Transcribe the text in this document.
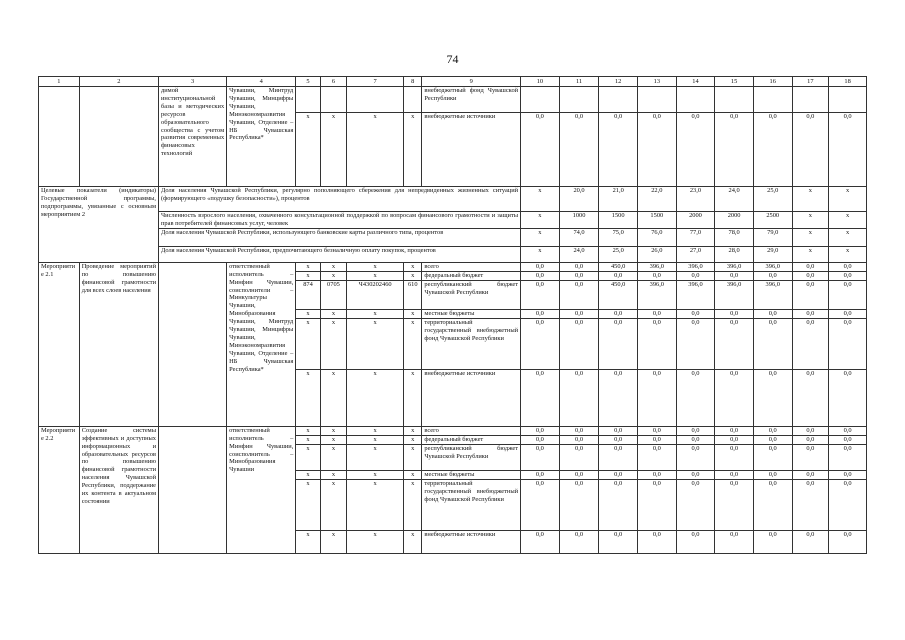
74
1	2	3	4	5	6	7	8	9	10	11	12	13	14	15	16	17	18
		димой институциональной базы и методических ресурсов образовательного сообщества с учетом развития современных финансовых технологий	Чувашии, Минтруд Чувашии, Минцифры Чувашии, Минэкономразвития Чувашии, Отделение – НБ Чувашская Республика*					внебюджетный фонд Чувашской Республики									
				x	x	x	x	внебюджетные источники	0,0	0,0	0,0	0,0	0,0	0,0	0,0	0,0	0,0
Целевые показатели (индикаторы) Государственной программы, подпрограммы, увязанные с основным мероприятием 2		Доля населения Чувашской Республики, регулярно пополняющего сбережения для непредвиденных жизненных ситуаций (формирующего «подушку безопасности»), процентов							x	20,0	21,0	22,0	23,0	24,0	25,0	x	x
		Численность взрослого населения, охваченного консультационной поддержкой по вопросам финансового грамотности и защиты прав потребителей финансовых услуг, человек							x	1000	1500	1500	2000	2000	2500	x	x
		Доля населения Чувашской Республики, использующего банковские карты различного типа, процентов							x	74,0	75,0	76,0	77,0	78,0	79,0	x	x
		Доля населения Чувашской Республики, предпочитающего безналичную оплату покупок, процентов							x	24,0	25,0	26,0	27,0	28,0	29,0	x	x
Мероприятие 2.1	Проведение мероприятий по повышению финансовой грамотности для всех слоев населения		ответственный исполнитель – Минфин Чувашии, соисполнители – Минкультуры Чувашии, Минобразования Чувашии, Минтруд Чувашии, Минцифры Чувашии, Минэкономразвития Чувашии, Отделение – НБ Чувашская Республика*	x	x	x	x	всего	0,0	0,0	450,0	396,0	396,0	396,0	396,0	0,0	0,0
				x	x	x	x	федеральный бюджет	0,0	0,0	0,0	0,0	0,0	0,0	0,0	0,0	0,0
				874	0705	Ч430202460	610	республиканский бюджет Чувашской Республики	0,0	0,0	450,0	396,0	396,0	396,0	396,0	0,0	0,0
				x	x	x	x	местные бюджеты	0,0	0,0	0,0	0,0	0,0	0,0	0,0	0,0	0,0
				x	x	x	x	территориальный государственный внебюджетный фонд Чувашской Республики	0,0	0,0	0,0	0,0	0,0	0,0	0,0	0,0	0,0
				x	x	x	x	внебюджетные источники	0,0	0,0	0,0	0,0	0,0	0,0	0,0	0,0	0,0
Мероприятие 2.2	Создание системы эффективных и доступных информационных и образовательных ресурсов по повышению финансовой грамотности населения Чувашской Республики, поддержание их контента в актуальном состоянии		ответственный исполнитель – Минфин Чувашии, соисполнитель – Минобразования Чувашии	x	x	x	x	всего	0,0	0,0	0,0	0,0	0,0	0,0	0,0	0,0	0,0
				x	x	x	x	федеральный бюджет	0,0	0,0	0,0	0,0	0,0	0,0	0,0	0,0	0,0
				x	x	x	x	республиканский бюджет Чувашской Республики	0,0	0,0	0,0	0,0	0,0	0,0	0,0	0,0	0,0
				x	x	x	x	местные бюджеты	0,0	0,0	0,0	0,0	0,0	0,0	0,0	0,0	0,0
				x	x	x	x	территориальный государственный внебюджетный фонд Чувашской Республики	0,0	0,0	0,0	0,0	0,0	0,0	0,0	0,0	0,0
				x	x	x	x	внебюджетные источники	0,0	0,0	0,0	0,0	0,0	0,0	0,0	0,0	0,0
